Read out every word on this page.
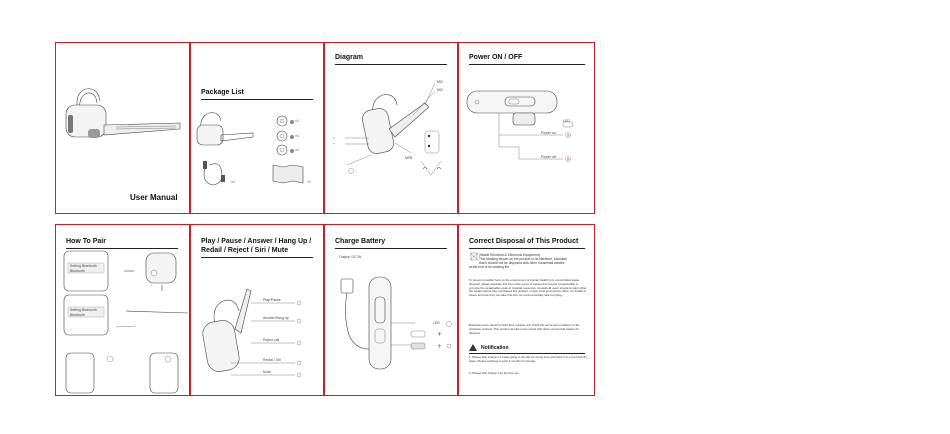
User Manual
Package List
×1
×1
×1
×1	×1
Diagram
MIC
MIC
+
−
MFB
Power ON / OFF
×
×
LED
Power on
Power off
How To Pair
Setting Bluetooth
Bluetooth
Setting Bluetooth
Bluetooth
Play / Pause / Answer / Hang Up /
Redail / Reject / Siri / Mute
Play/Pause
Answer/Hang up
Reject call
Redial / Siri
Mute
Charge Battery
Output: DC 5V
+
+
LED
Correct Disposal of This Product
(Waste Electrical & Electronic Equipment)
This Marking shown on the product or its literature, indicates
that it should not be disposed with other household wastes
at the end of its working life.
To prevent possible harm to the environment or human health from uncontrolled waste disposal, please separate this from other types of wastes and recycle it responsibly to promote the sustainable reuse of material resources. Household users should contact either the retailer where they purchased this product, or their local government office, for details of where and how they can take this item for environmentally safe recycling.
Business users should contact their supplier and check the terms and conditions of the purchase contract. This product should not be mixed with other commercial wastes for disposal.
Notification
1. Please fully charge it if it was going to lay idle for a long time and place it in a cool and dry place. Please recharge it each 2 months for storage.
2. Please fully charge it for the first use.
